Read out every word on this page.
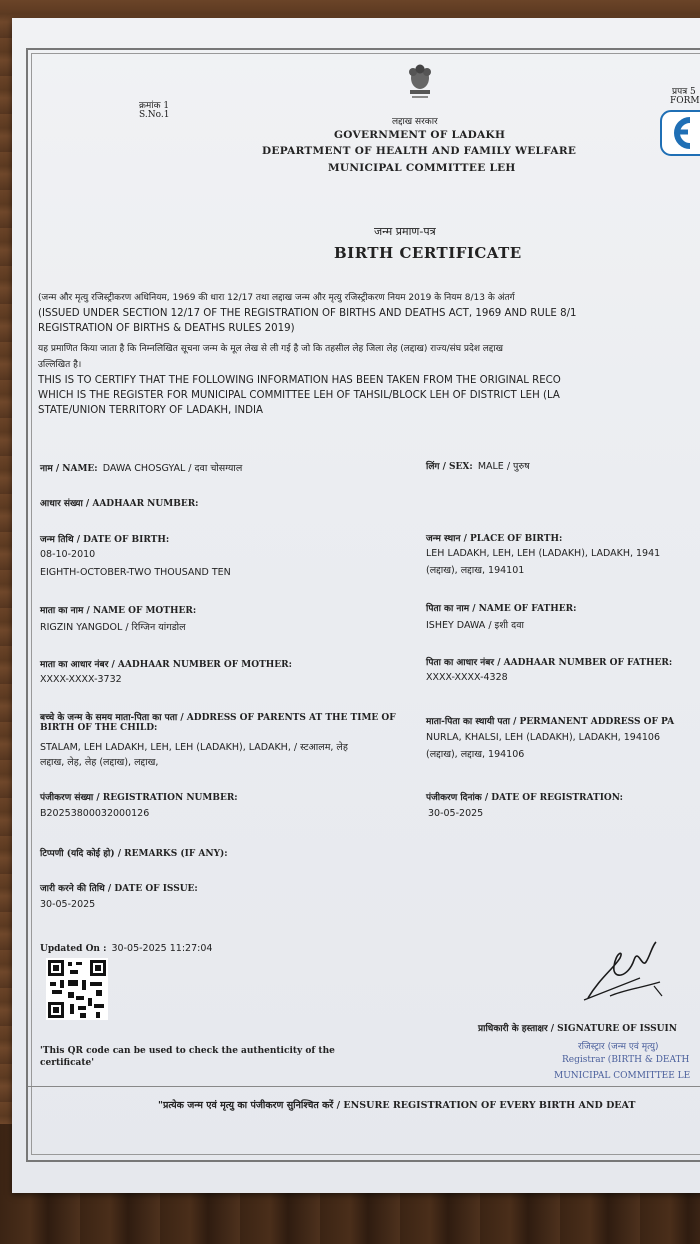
क्रमांक 1
S.No.1
प्रपत्र 5
FORM
लद्दाख सरकार
GOVERNMENT OF LADAKH
DEPARTMENT OF HEALTH AND FAMILY WELFARE
MUNICIPAL COMMITTEE LEH
जन्म प्रमाण-पत्र
BIRTH CERTIFICATE
(जन्म और मृत्यु रजिस्ट्रीकरण अधिनियम, 1969 की धारा 12/17 तथा लद्दाख जन्म और मृत्यु रजिस्ट्रीकरण नियम 2019 के नियम 8/13 के अंतर्ग
(ISSUED UNDER SECTION 12/17 OF THE REGISTRATION OF BIRTHS AND DEATHS ACT, 1969 AND RULE 8/1
REGISTRATION OF BIRTHS & DEATHS RULES 2019)
यह प्रमाणित किया जाता है कि निम्नलिखित सूचना जन्म के मूल लेख से ली गई है जो कि तहसील लेह जिला लेह (लद्दाख) राज्य/संघ प्रदेश लद्दाख
उल्लिखित है।
THIS IS TO CERTIFY THAT THE FOLLOWING INFORMATION HAS BEEN TAKEN FROM THE ORIGINAL RECO
WHICH IS THE REGISTER FOR MUNICIPAL COMMITTEE LEH OF TAHSIL/BLOCK LEH OF DISTRICT LEH (LA
STATE/UNION TERRITORY OF LADAKH, INDIA
नाम / NAME: DAWA CHOSGYAL / दवा चोसग्याल	लिंग / SEX: MALE / पुरुष
आधार संख्या / AADHAAR NUMBER:
जन्म तिथि / DATE OF BIRTH:
08-10-2010
EIGHTH-OCTOBER-TWO THOUSAND TEN
जन्म स्थान / PLACE OF BIRTH:
LEH LADAKH, LEH, LEH (LADAKH), LADAKH, 1941
(लद्दाख), लद्दाख, 194101
माता का नाम / NAME OF MOTHER:
RIGZIN YANGDOL / रिग्जिन यांगडोल
पिता का नाम / NAME OF FATHER:
ISHEY DAWA / इशी दवा
माता का आधार नंबर / AADHAAR NUMBER OF MOTHER:
XXXX-XXXX-3732
पिता का आधार नंबर / AADHAAR NUMBER OF FATHER:
XXXX-XXXX-4328
बच्चे के जन्म के समय माता-पिता का पता / ADDRESS OF PARENTS AT THE TIME OF
BIRTH OF THE CHILD:
STALAM, LEH LADAKH, LEH, LEH (LADAKH), LADAKH, / स्टआलम, लेह
लद्दाख, लेह, लेह (लद्दाख), लद्दाख,
माता-पिता का स्थायी पता / PERMANENT ADDRESS OF PA
NURLA, KHALSI, LEH (LADAKH), LADAKH, 194106
(लद्दाख), लद्दाख, 194106
पंजीकरण संख्या / REGISTRATION NUMBER:
B20253800032000126
पंजीकरण दिनांक / DATE OF REGISTRATION:
30-05-2025
टिप्पणी (यदि कोई हो) / REMARKS (IF ANY):
जारी करने की तिथि / DATE OF ISSUE:
30-05-2025
Updated On : 30-05-2025 11:27:04
'This QR code can be used to check the authenticity of the
certificate'
प्राधिकारी के हस्ताक्षर / SIGNATURE OF ISSUIN
रजिस्ट्रार (जन्म एवं मृत्यु)
Registrar (BIRTH & DEATH
MUNICIPAL COMMITTEE LE
"प्रत्येक जन्म एवं मृत्यु का पंजीकरण सुनिश्चित करें / ENSURE REGISTRATION OF EVERY BIRTH AND DEAT
